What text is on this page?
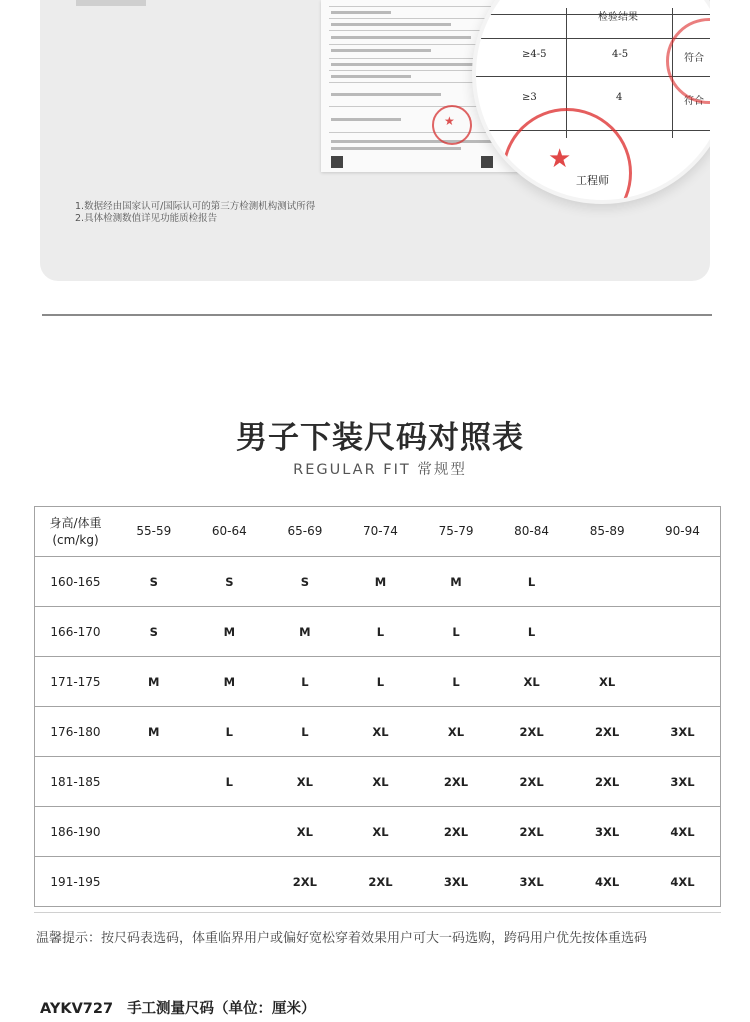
★
检验结果
≥4-5	4-5	符合
≥3	4	符合
★
工程师
1.数据经由国家认可/国际认可的第三方检测机构测试所得
2.具体检测数值详见功能质检报告
男子下装尺码对照表
REGULAR FIT 常规型
身高/体重
(cm/kg)	55-59	60-64	65-69	70-74	75-79	80-84	85-89	90-94
160-165	S	S	S	M	M	L		
166-170	S	M	M	L	L	L		
171-175	M	M	L	L	L	XL	XL	
176-180	M	L	L	XL	XL	2XL	2XL	3XL
181-185		L	XL	XL	2XL	2XL	2XL	3XL
186-190			XL	XL	2XL	2XL	3XL	4XL
191-195			2XL	2XL	3XL	3XL	4XL	4XL
温馨提示：按尺码表选码，体重临界用户或偏好宽松穿着效果用户可大一码选购，跨码用户优先按体重选码
AYKV727 手工测量尺码（单位：厘米）
